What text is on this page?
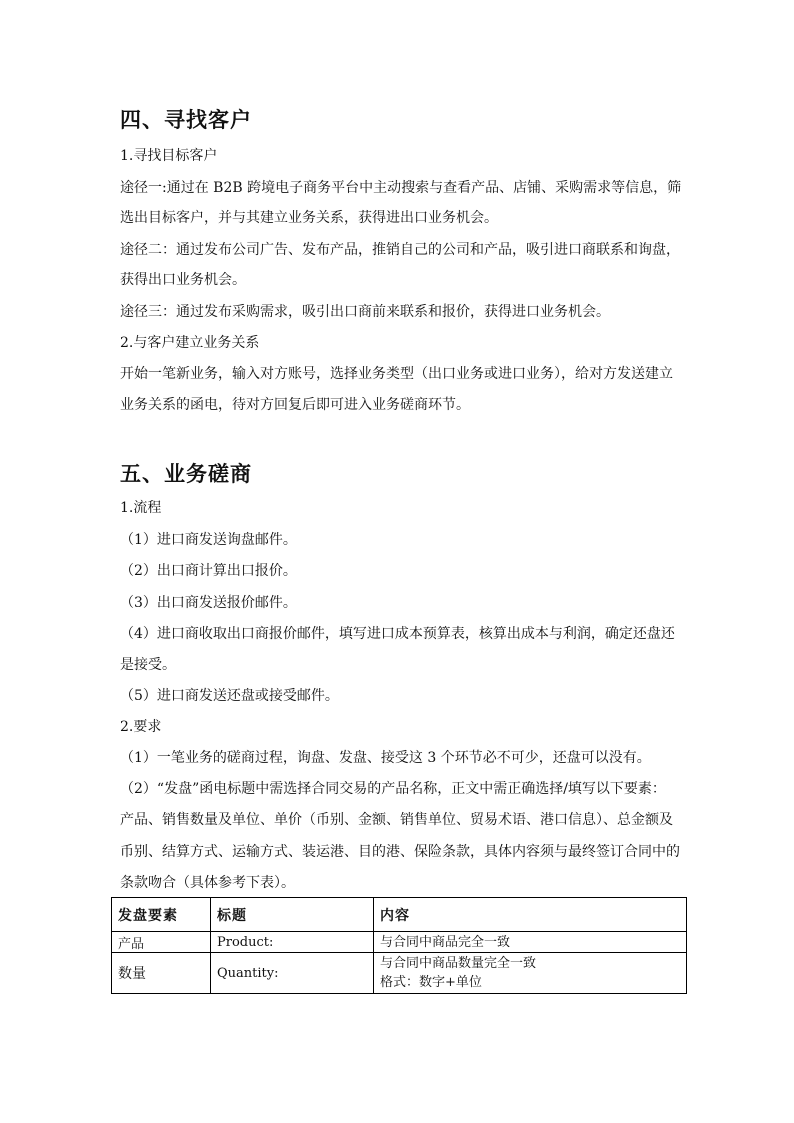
四、寻找客户
1.寻找目标客户
途径一:通过在 B2B 跨境电子商务平台中主动搜索与查看产品、店铺、采购需求等信息，筛
选出目标客户，并与其建立业务关系，获得进出口业务机会。
途径二：通过发布公司广告、发布产品，推销自己的公司和产品，吸引进口商联系和询盘，
获得出口业务机会。
途径三：通过发布采购需求，吸引出口商前来联系和报价，获得进口业务机会。
2.与客户建立业务关系
开始一笔新业务，输入对方账号，选择业务类型（出口业务或进口业务），给对方发送建立
业务关系的函电，待对方回复后即可进入业务磋商环节。
五、业务磋商
1.流程
（1）进口商发送询盘邮件。
（2）出口商计算出口报价。
（3）出口商发送报价邮件。
（4）进口商收取出口商报价邮件，填写进口成本预算表，核算出成本与利润，确定还盘还
是接受。
（5）进口商发送还盘或接受邮件。
2.要求
（1）一笔业务的磋商过程，询盘、发盘、接受这 3 个环节必不可少，还盘可以没有。
（2）“发盘”函电标题中需选择合同交易的产品名称，正文中需正确选择/填写以下要素：
产品、销售数量及单位、单价（币别、金额、销售单位、贸易术语、港口信息）、总金额及
币别、结算方式、运输方式、装运港、目的港、保险条款，具体内容须与最终签订合同中的
条款吻合（具体参考下表）。
发盘要素	标题	内容
产品	Product:	与合同中商品完全一致

数量	Quantity:	与合同中商品数量完全一致
格式：数字+单位
